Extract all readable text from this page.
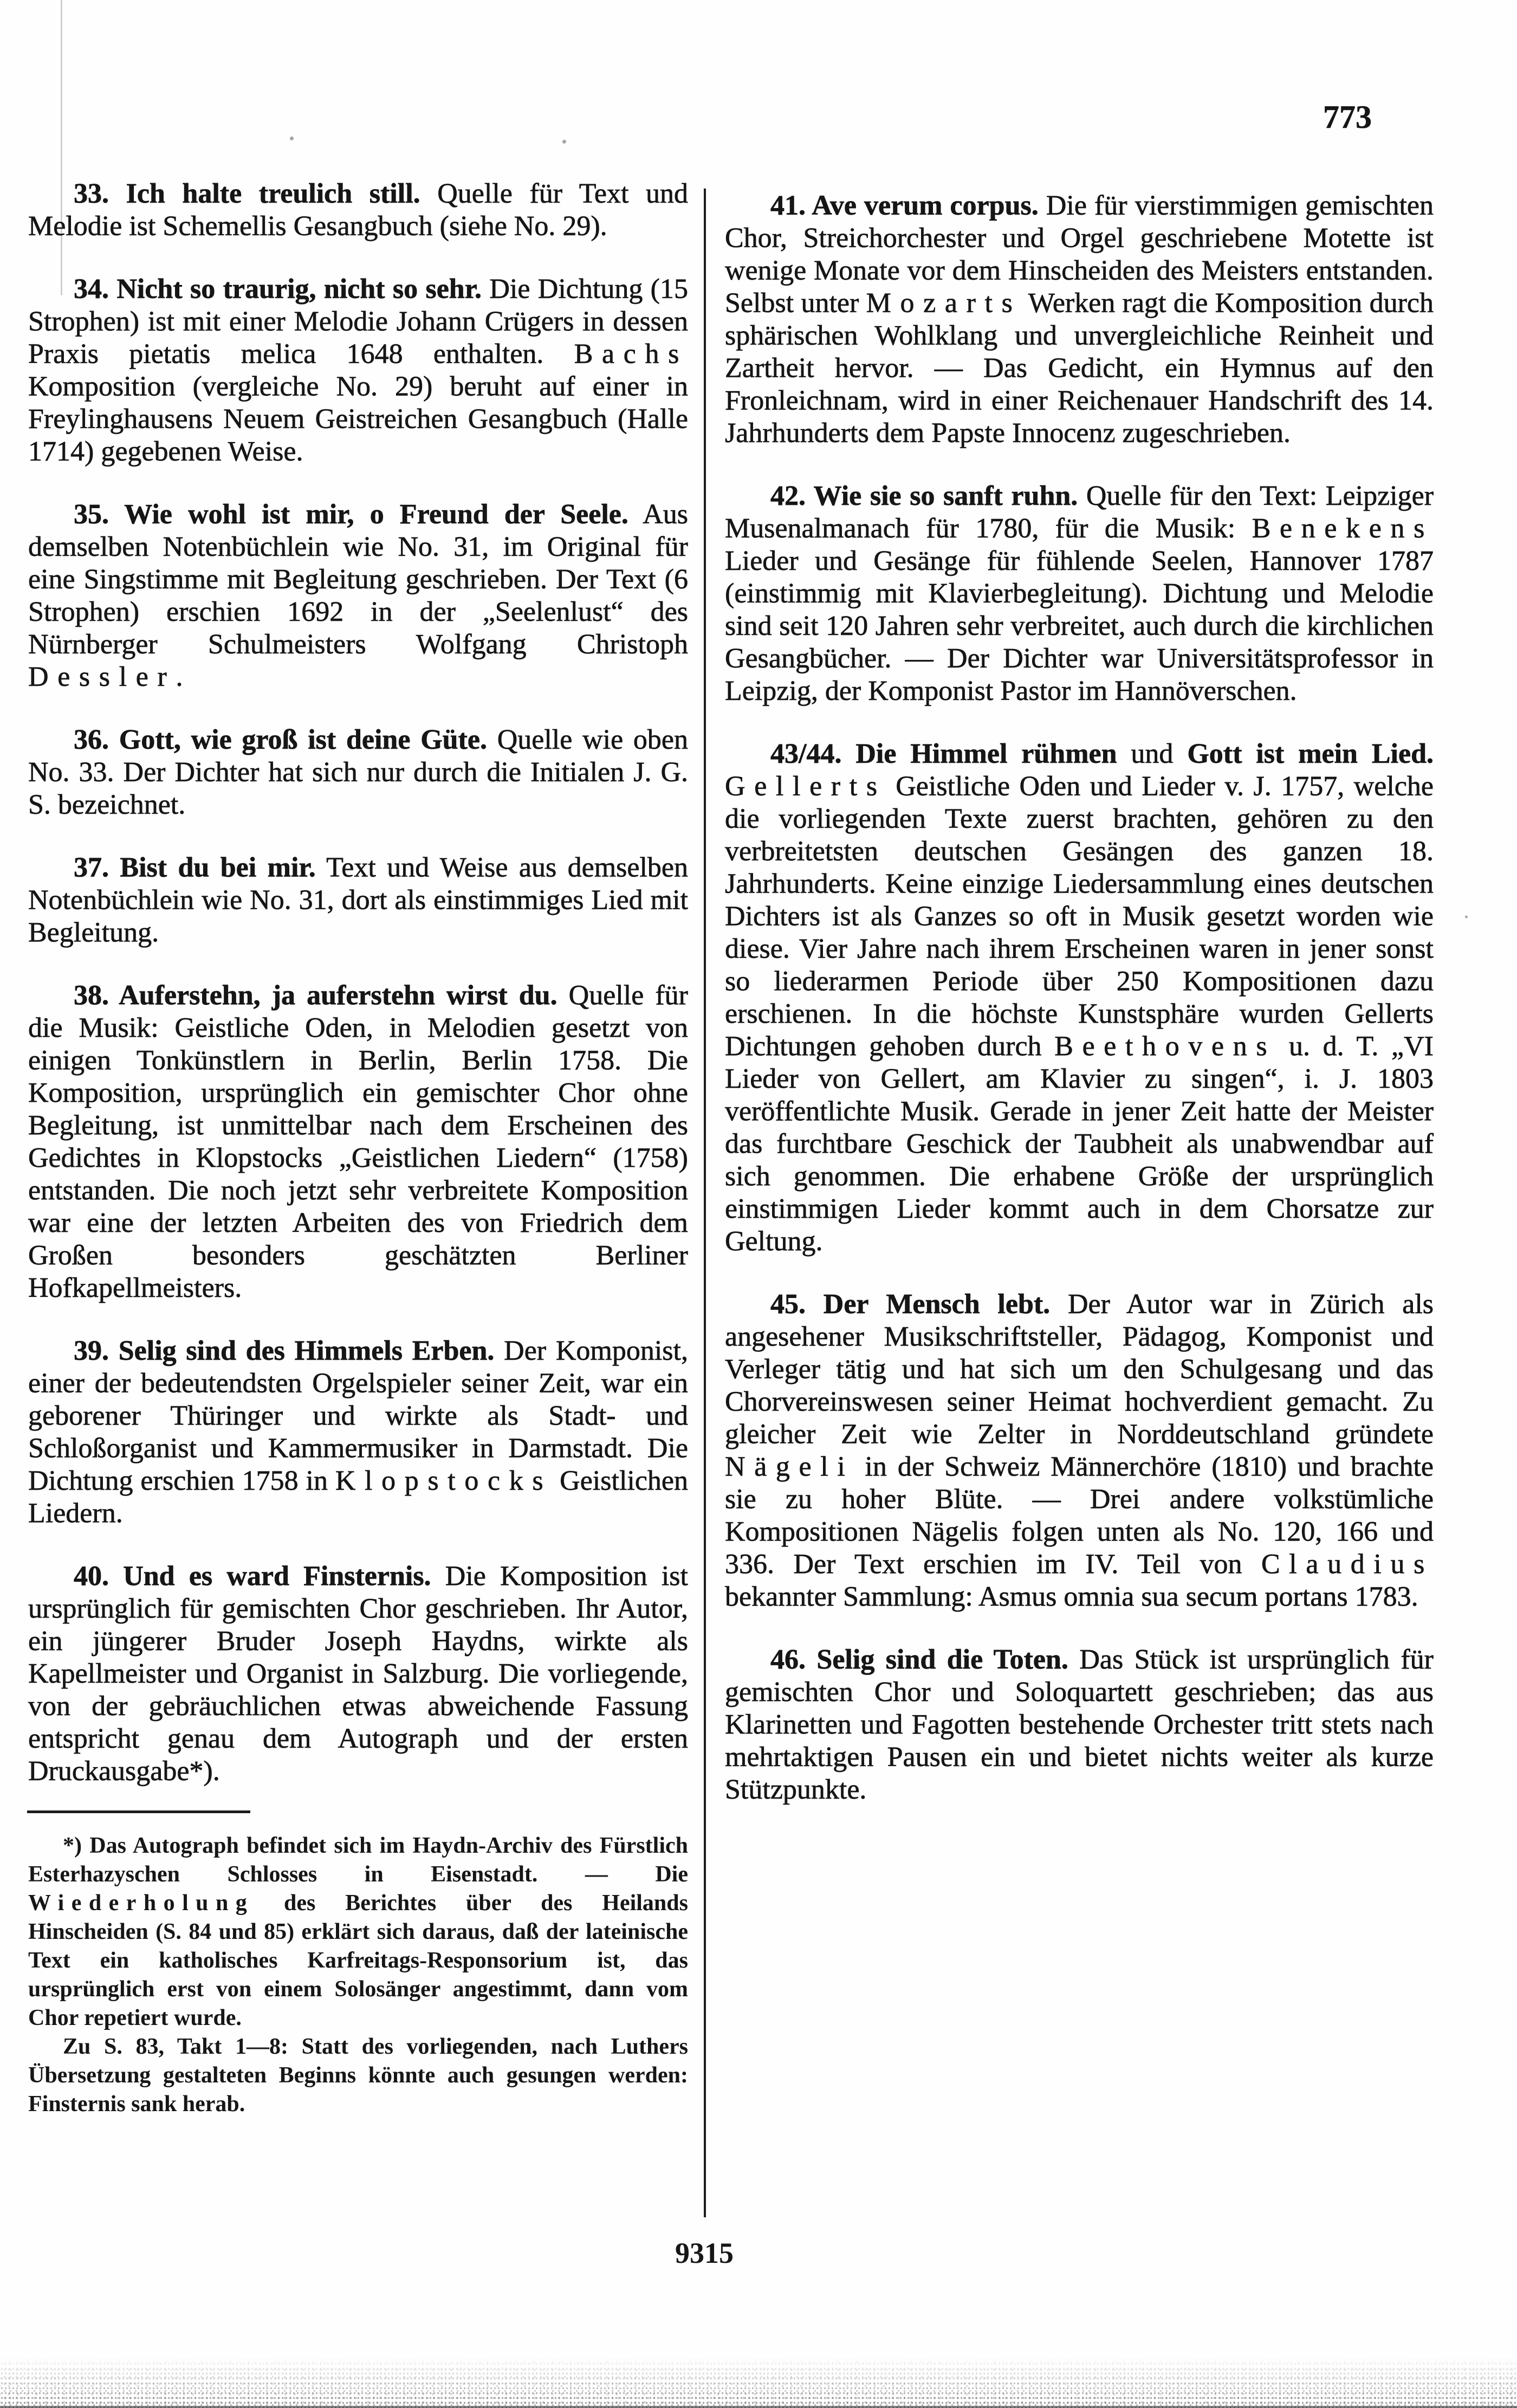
773

33. Ich halte treulich still. Quelle für Text und Melodie ist Schemellis Gesangbuch (siehe No. 29).

34. Nicht so traurig, nicht so sehr. Die Dichtung (15 Strophen) ist mit einer Melodie Johann Crügers in dessen Praxis pietatis melica 1648 enthalten. Bachs Komposition (vergleiche No. 29) beruht auf einer in Freylinghausens Neuem Geistreichen Gesangbuch (Halle 1714) gegebenen Weise.

35. Wie wohl ist mir, o Freund der Seele. Aus demselben Notenbüchlein wie No. 31, im Original für eine Singstimme mit Begleitung geschrieben. Der Text (6 Strophen) erschien 1692 in der „Seelenlust“ des Nürnberger Schulmeisters Wolfgang Christoph Dessler.

36. Gott, wie groß ist deine Güte. Quelle wie oben No. 33. Der Dichter hat sich nur durch die Initialen J. G. S. bezeichnet.

37. Bist du bei mir. Text und Weise aus demselben Notenbüchlein wie No. 31, dort als einstimmiges Lied mit Begleitung.

38. Auferstehn, ja auferstehn wirst du. Quelle für die Musik: Geistliche Oden, in Melodien gesetzt von einigen Tonkünstlern in Berlin, Berlin 1758. Die Komposition, ursprünglich ein gemischter Chor ohne Begleitung, ist unmittelbar nach dem Erscheinen des Gedichtes in Klopstocks „Geistlichen Liedern“ (1758) entstanden. Die noch jetzt sehr verbreitete Komposition war eine der letzten Arbeiten des von Friedrich dem Großen besonders geschätzten Berliner Hofkapellmeisters.

39. Selig sind des Himmels Erben. Der Komponist, einer der bedeutendsten Orgelspieler seiner Zeit, war ein geborener Thüringer und wirkte als Stadt- und Schloßorganist und Kammermusiker in Darmstadt. Die Dichtung erschien 1758 in Klopstocks Geistlichen Liedern.

40. Und es ward Finsternis. Die Komposition ist ursprünglich für gemischten Chor geschrieben. Ihr Autor, ein jüngerer Bruder Joseph Haydns, wirkte als Kapellmeister und Organist in Salzburg. Die vorliegende, von der gebräuchlichen etwas abweichende Fassung entspricht genau dem Autograph und der ersten Druckausgabe*).

*) Das Autograph befindet sich im Haydn-Archiv des Fürstlich Esterhazyschen Schlosses in Eisenstadt. — Die Wiederholung des Berichtes über des Heilands Hinscheiden (S. 84 und 85) erklärt sich daraus, daß der lateinische Text ein katholisches Karfreitags-Responsorium ist, das ursprünglich erst von einem Solosänger angestimmt, dann vom Chor repetiert wurde.

Zu S. 83, Takt 1—8: Statt des vorliegenden, nach Luthers Übersetzung gestalteten Beginns könnte auch gesungen werden: Finsternis sank herab.

41. Ave verum corpus. Die für vierstimmigen gemischten Chor, Streichorchester und Orgel geschriebene Motette ist wenige Monate vor dem Hinscheiden des Meisters entstanden. Selbst unter Mozarts Werken ragt die Komposition durch sphärischen Wohlklang und unvergleichliche Reinheit und Zartheit hervor. — Das Gedicht, ein Hymnus auf den Fronleichnam, wird in einer Reichenauer Handschrift des 14. Jahrhunderts dem Papste Innocenz zugeschrieben.

42. Wie sie so sanft ruhn. Quelle für den Text: Leipziger Musenalmanach für 1780, für die Musik: Benekens Lieder und Gesänge für fühlende Seelen, Hannover 1787 (einstimmig mit Klavierbegleitung). Dichtung und Melodie sind seit 120 Jahren sehr verbreitet, auch durch die kirchlichen Gesangbücher. — Der Dichter war Universitätsprofessor in Leipzig, der Komponist Pastor im Hannöverschen.

43/44. Die Himmel rühmen und Gott ist mein Lied. Gellerts Geistliche Oden und Lieder v. J. 1757, welche die vorliegenden Texte zuerst brachten, gehören zu den verbreitetsten deutschen Gesängen des ganzen 18. Jahrhunderts. Keine einzige Liedersammlung eines deutschen Dichters ist als Ganzes so oft in Musik gesetzt worden wie diese. Vier Jahre nach ihrem Erscheinen waren in jener sonst so liederarmen Periode über 250 Kompositionen dazu erschienen. In die höchste Kunstsphäre wurden Gellerts Dichtungen gehoben durch Beethovens u. d. T. „VI Lieder von Gellert, am Klavier zu singen“, i. J. 1803 veröffentlichte Musik. Gerade in jener Zeit hatte der Meister das furchtbare Geschick der Taubheit als unabwendbar auf sich genommen. Die erhabene Größe der ursprünglich einstimmigen Lieder kommt auch in dem Chorsatze zur Geltung.

45. Der Mensch lebt. Der Autor war in Zürich als angesehener Musikschriftsteller, Pädagog, Komponist und Verleger tätig und hat sich um den Schulgesang und das Chorvereinswesen seiner Heimat hochverdient gemacht. Zu gleicher Zeit wie Zelter in Norddeutschland gründete Nägeli in der Schweiz Männerchöre (1810) und brachte sie zu hoher Blüte. — Drei andere volkstümliche Kompositionen Nägelis folgen unten als No. 120, 166 und 336. Der Text erschien im IV. Teil von Claudius bekannter Sammlung: Asmus omnia sua secum portans 1783.

46. Selig sind die Toten. Das Stück ist ursprünglich für gemischten Chor und Soloquartett geschrieben; das aus Klarinetten und Fagotten bestehende Orchester tritt stets nach mehrtaktigen Pausen ein und bietet nichts weiter als kurze Stützpunkte.

9315
